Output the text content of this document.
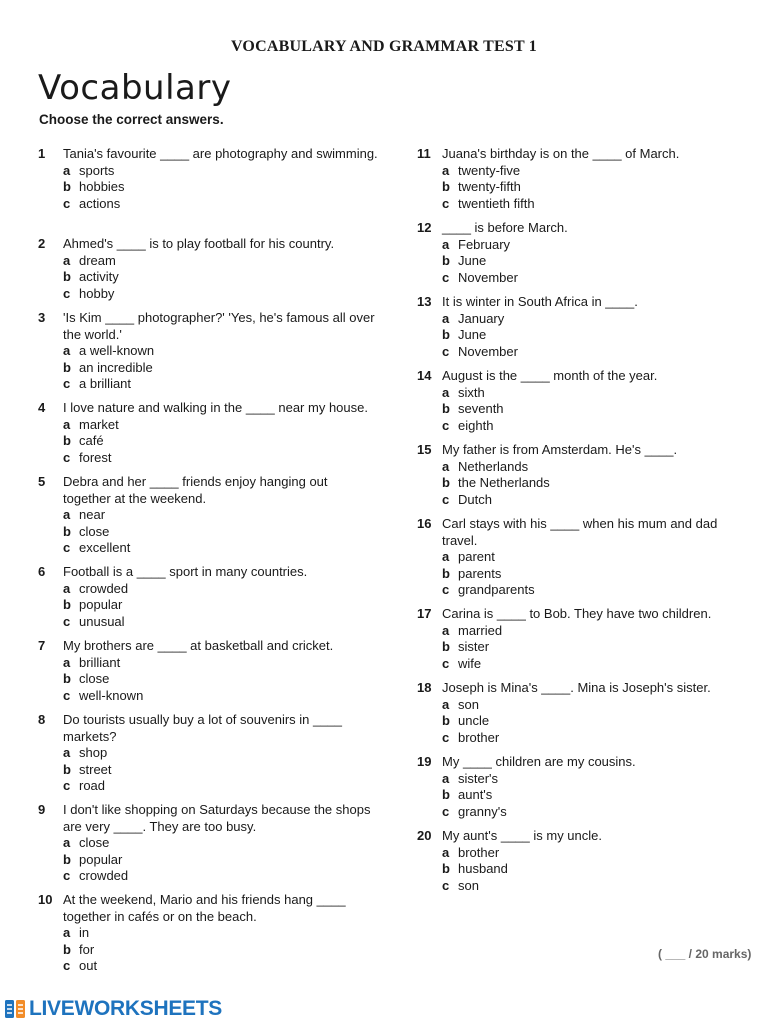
VOCABULARY AND GRAMMAR TEST 1
Vocabulary
Choose the correct answers.
1 Tania's favourite ____ are photography and swimming.
a sports
b hobbies
c actions
2 Ahmed's ____ is to play football for his country.
a dream
b activity
c hobby
3 'Is Kim ____ photographer?' 'Yes, he's famous all over the world.'
a a well-known
b an incredible
c a brilliant
4 I love nature and walking in the ____ near my house.
a market
b café
c forest
5 Debra and her ____ friends enjoy hanging out together at the weekend.
a near
b close
c excellent
6 Football is a ____ sport in many countries.
a crowded
b popular
c unusual
7 My brothers are ____ at basketball and cricket.
a brilliant
b close
c well-known
8 Do tourists usually buy a lot of souvenirs in ____ markets?
a shop
b street
c road
9 I don't like shopping on Saturdays because the shops are very ____. They are too busy.
a close
b popular
c crowded
10 At the weekend, Mario and his friends hang ____ together in cafés or on the beach.
a in
b for
c out
11 Juana's birthday is on the ____ of March.
a twenty-five
b twenty-fifth
c twentieth fifth
12 ____ is before March.
a February
b June
c November
13 It is winter in South Africa in ____.
a January
b June
c November
14 August is the ____ month of the year.
a sixth
b seventh
c eighth
15 My father is from Amsterdam. He's ____.
a Netherlands
b the Netherlands
c Dutch
16 Carl stays with his ____ when his mum and dad travel.
a parent
b parents
c grandparents
17 Carina is ____ to Bob. They have two children.
a married
b sister
c wife
18 Joseph is Mina's ____. Mina is Joseph's sister.
a son
b uncle
c brother
19 My ____ children are my cousins.
a sister's
b aunt's
c granny's
20 My aunt's ____ is my uncle.
a brother
b husband
c son
( ___ / 20 marks)
LIVEWORKSHEETS
